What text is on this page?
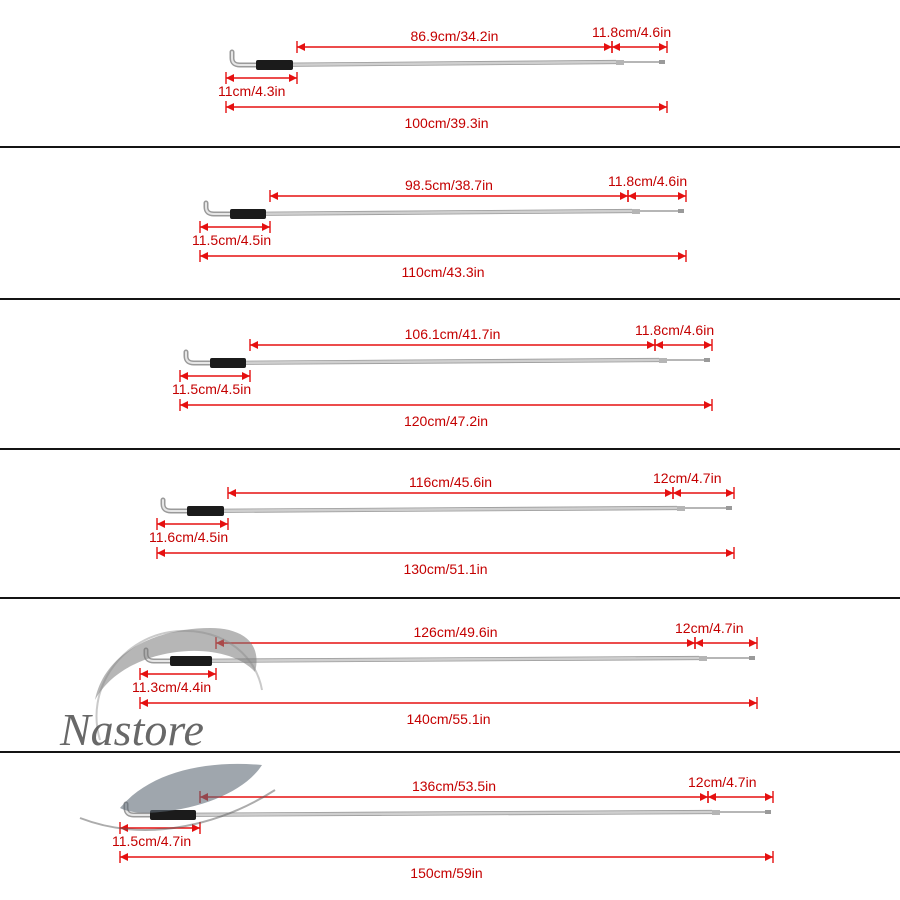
86.9cm/34.2in	11.8cm/4.6in
11cm/4.3in
100cm/39.3in
98.5cm/38.7in	11.8cm/4.6in
11.5cm/4.5in
110cm/43.3in
106.1cm/41.7in	11.8cm/4.6in
11.5cm/4.5in
120cm/47.2in
116cm/45.6in	12cm/4.7in
11.6cm/4.5in
130cm/51.1in
126cm/49.6in	12cm/4.7in
11.3cm/4.4in
140cm/55.1in
136cm/53.5in	12cm/4.7in
11.5cm/4.7in
150cm/59in
Nastore
